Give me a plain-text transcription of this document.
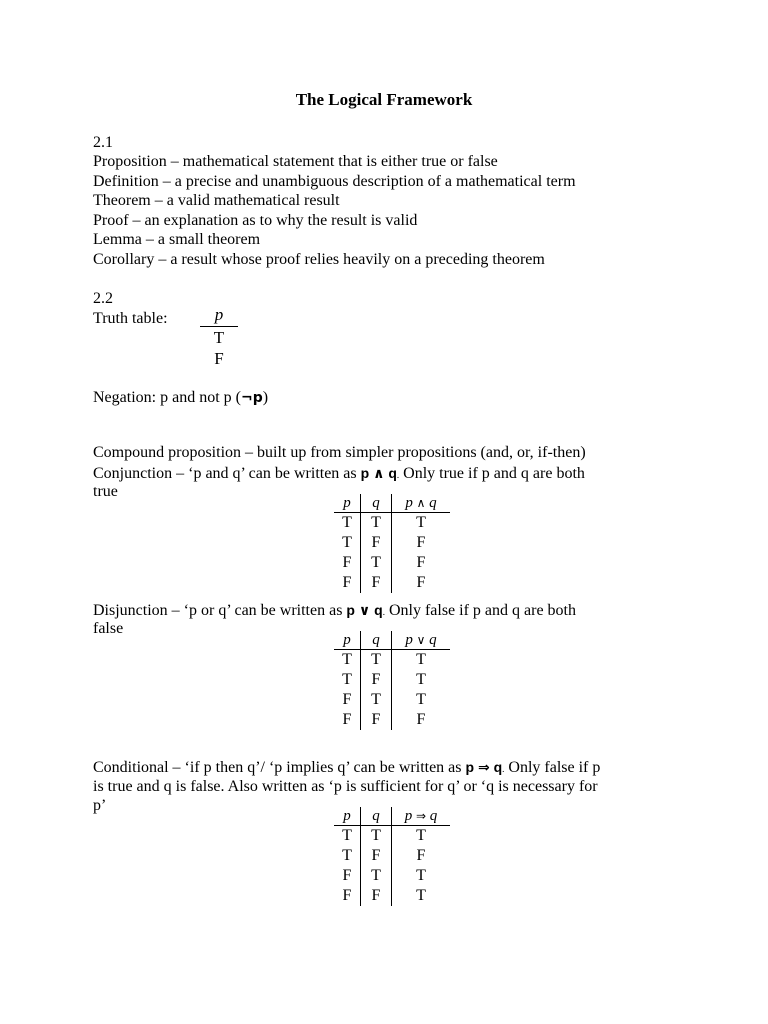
The Logical Framework
2.1
Proposition – mathematical statement that is either true or false
Definition – a precise and unambiguous description of a mathematical term
Theorem – a valid mathematical result
Proof – an explanation as to why the result is valid
Lemma – a small theorem
Corollary – a result whose proof relies heavily on a preceding theorem
2.2
Truth table:	p
T
F
Negation: p and not p (¬p)
Compound proposition – built up from simpler propositions (and, or, if-then)
Conjunction – ‘p and q’ can be written as p ∧ q. Only true if p and q are both
true
p	q	p ∧ q
T	T	T
T	F	F
F	T	F
F	F	F
Disjunction – ‘p or q’ can be written as p ∨ q. Only false if p and q are both
false
p	q	p ∨ q
T	T	T
T	F	T
F	T	T
F	F	F
Conditional – ‘if p then q’/ ‘p implies q’ can be written as p ⇒ q. Only false if p
is true and q is false. Also written as ‘p is sufficient for q’ or ‘q is necessary for
p’
p	q	p ⇒ q
T	T	T
T	F	F
F	T	T
F	F	T
